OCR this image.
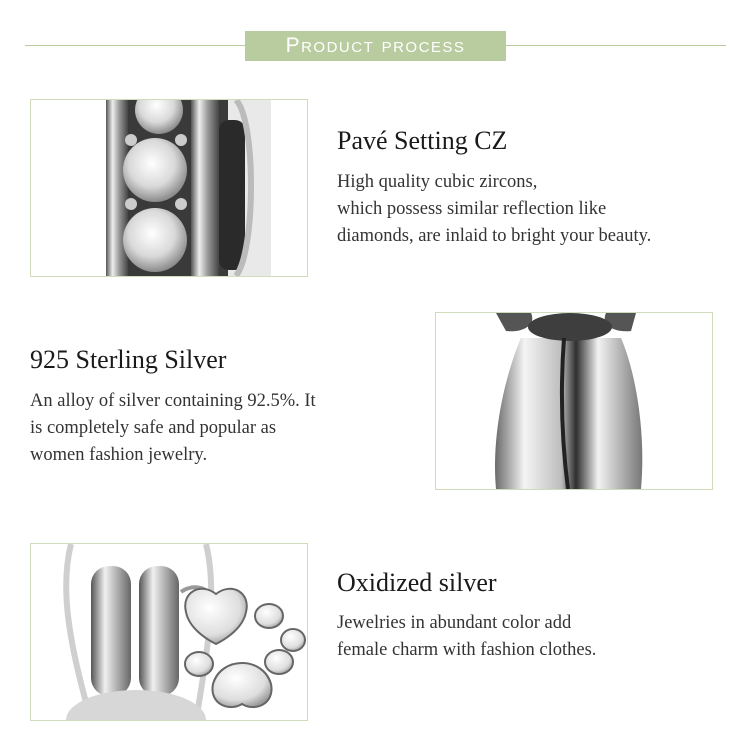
Product process
Pavé Setting CZ
High quality cubic zircons,
which possess similar reflection like
diamonds, are inlaid to bright your beauty.
925 Sterling Silver
An alloy of silver containing 92.5%. It
is completely safe and popular as
women fashion jewelry.
Oxidized silver
Jewelries in abundant color add
female charm with fashion clothes.
